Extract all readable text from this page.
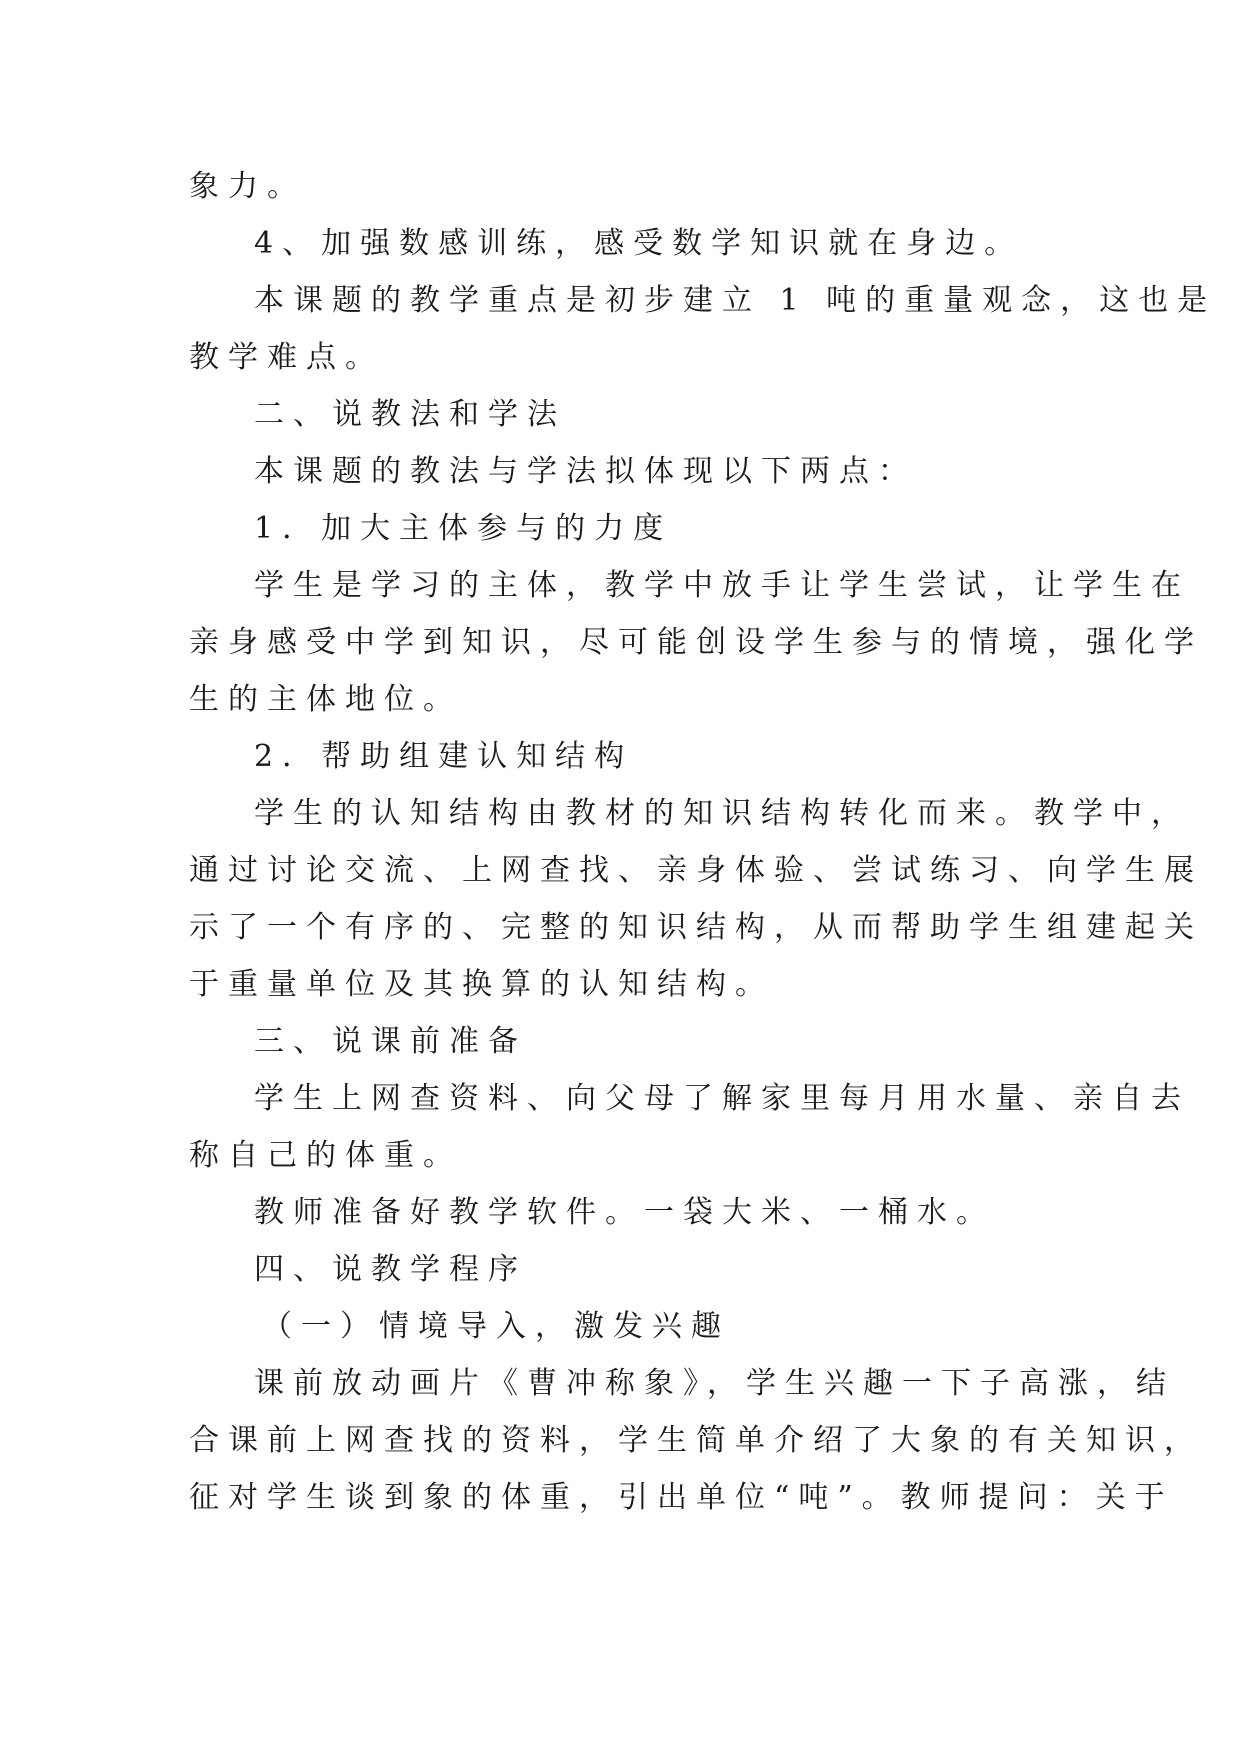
象力。
4、加强数感训练，感受数学知识就在身边。
本课题的教学重点是初步建立 1 吨的重量观念，这也是
教学难点。
二、说教法和学法
本课题的教法与学法拟体现以下两点：
1．加大主体参与的力度
学生是学习的主体，教学中放手让学生尝试，让学生在
亲身感受中学到知识，尽可能创设学生参与的情境，强化学
生的主体地位。
2．帮助组建认知结构
学生的认知结构由教材的知识结构转化而来。教学中，
通过讨论交流、上网查找、亲身体验、尝试练习、向学生展
示了一个有序的、完整的知识结构，从而帮助学生组建起关
于重量单位及其换算的认知结构。
三、说课前准备
学生上网查资料、向父母了解家里每月用水量、亲自去
称自己的体重。
教师准备好教学软件。一袋大米、一桶水。
四、说教学程序
（一）情境导入，激发兴趣
课前放动画片《曹冲称象》，学生兴趣一下子高涨，结
合课前上网查找的资料，学生简单介绍了大象的有关知识，
征对学生谈到象的体重，引出单位“吨”。教师提问：关于
